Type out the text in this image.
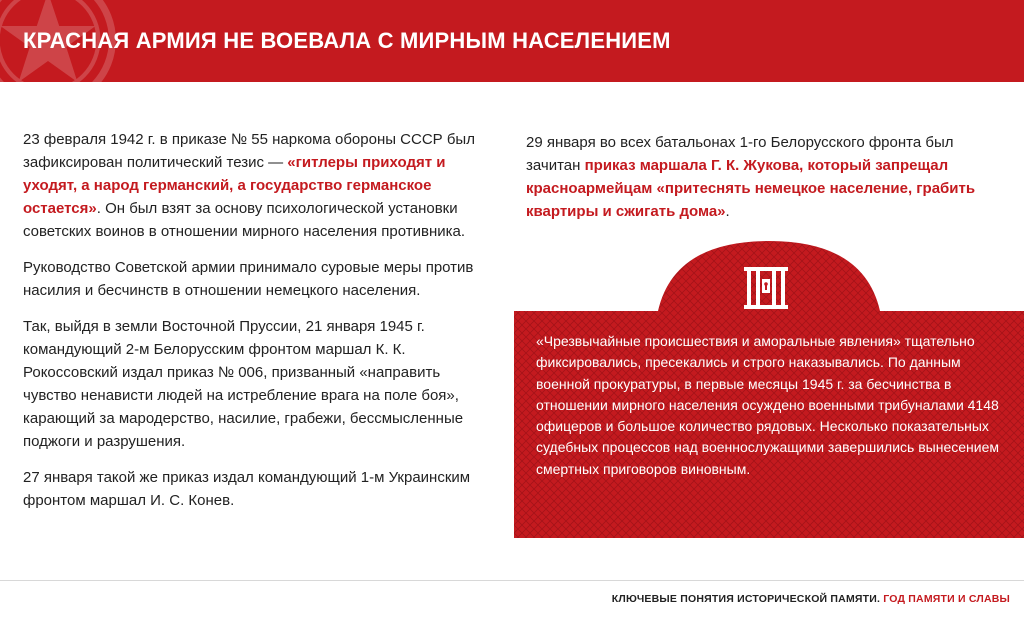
КРАСНАЯ АРМИЯ НЕ ВОЕВАЛА С МИРНЫМ НАСЕЛЕНИЕМ

23 февраля 1942 г. в приказе № 55 наркома обороны СССР был зафиксирован политический тезис — «гитлеры приходят и уходят, а народ германский, а государство германское остается». Он был взят за основу психологической установки советских воинов в отношении мирного населения противника.

Руководство Советской армии принимало суровые меры против насилия и бесчинств в отношении немецкого населения.

Так, выйдя в земли Восточной Пруссии, 21 января 1945 г. командующий 2-м Белорусским фронтом маршал К. К. Рокоссовский издал приказ № 006, призванный «направить чувство ненависти людей на истребление врага на поле боя», карающий за мародерство, насилие, грабежи, бессмысленные поджоги и разрушения.

27 января такой же приказ издал командующий 1-м Украинским фронтом маршал И. С. Конев.

29 января во всех батальонах 1-го Белорусского фронта был зачитан приказ маршала Г. К. Жукова, который запрещал красноармейцам «притеснять немецкое население, грабить квартиры и сжигать дома».

«Чрезвычайные происшествия и аморальные явления» тщательно фиксировались, пресекались и строго наказывались. По данным военной прокуратуры, в первые месяцы 1945 г. за бесчинства в отношении мирного населения осуждено военными трибуналами 4148 офицеров и большое количество рядовых. Несколько показательных судебных процессов над военнослужащими завершились вынесением смертных приговоров виновным.
КЛЮЧЕВЫЕ ПОНЯТИЯ ИСТОРИЧЕСКОЙ ПАМЯТИ. ГОД ПАМЯТИ И СЛАВЫ
